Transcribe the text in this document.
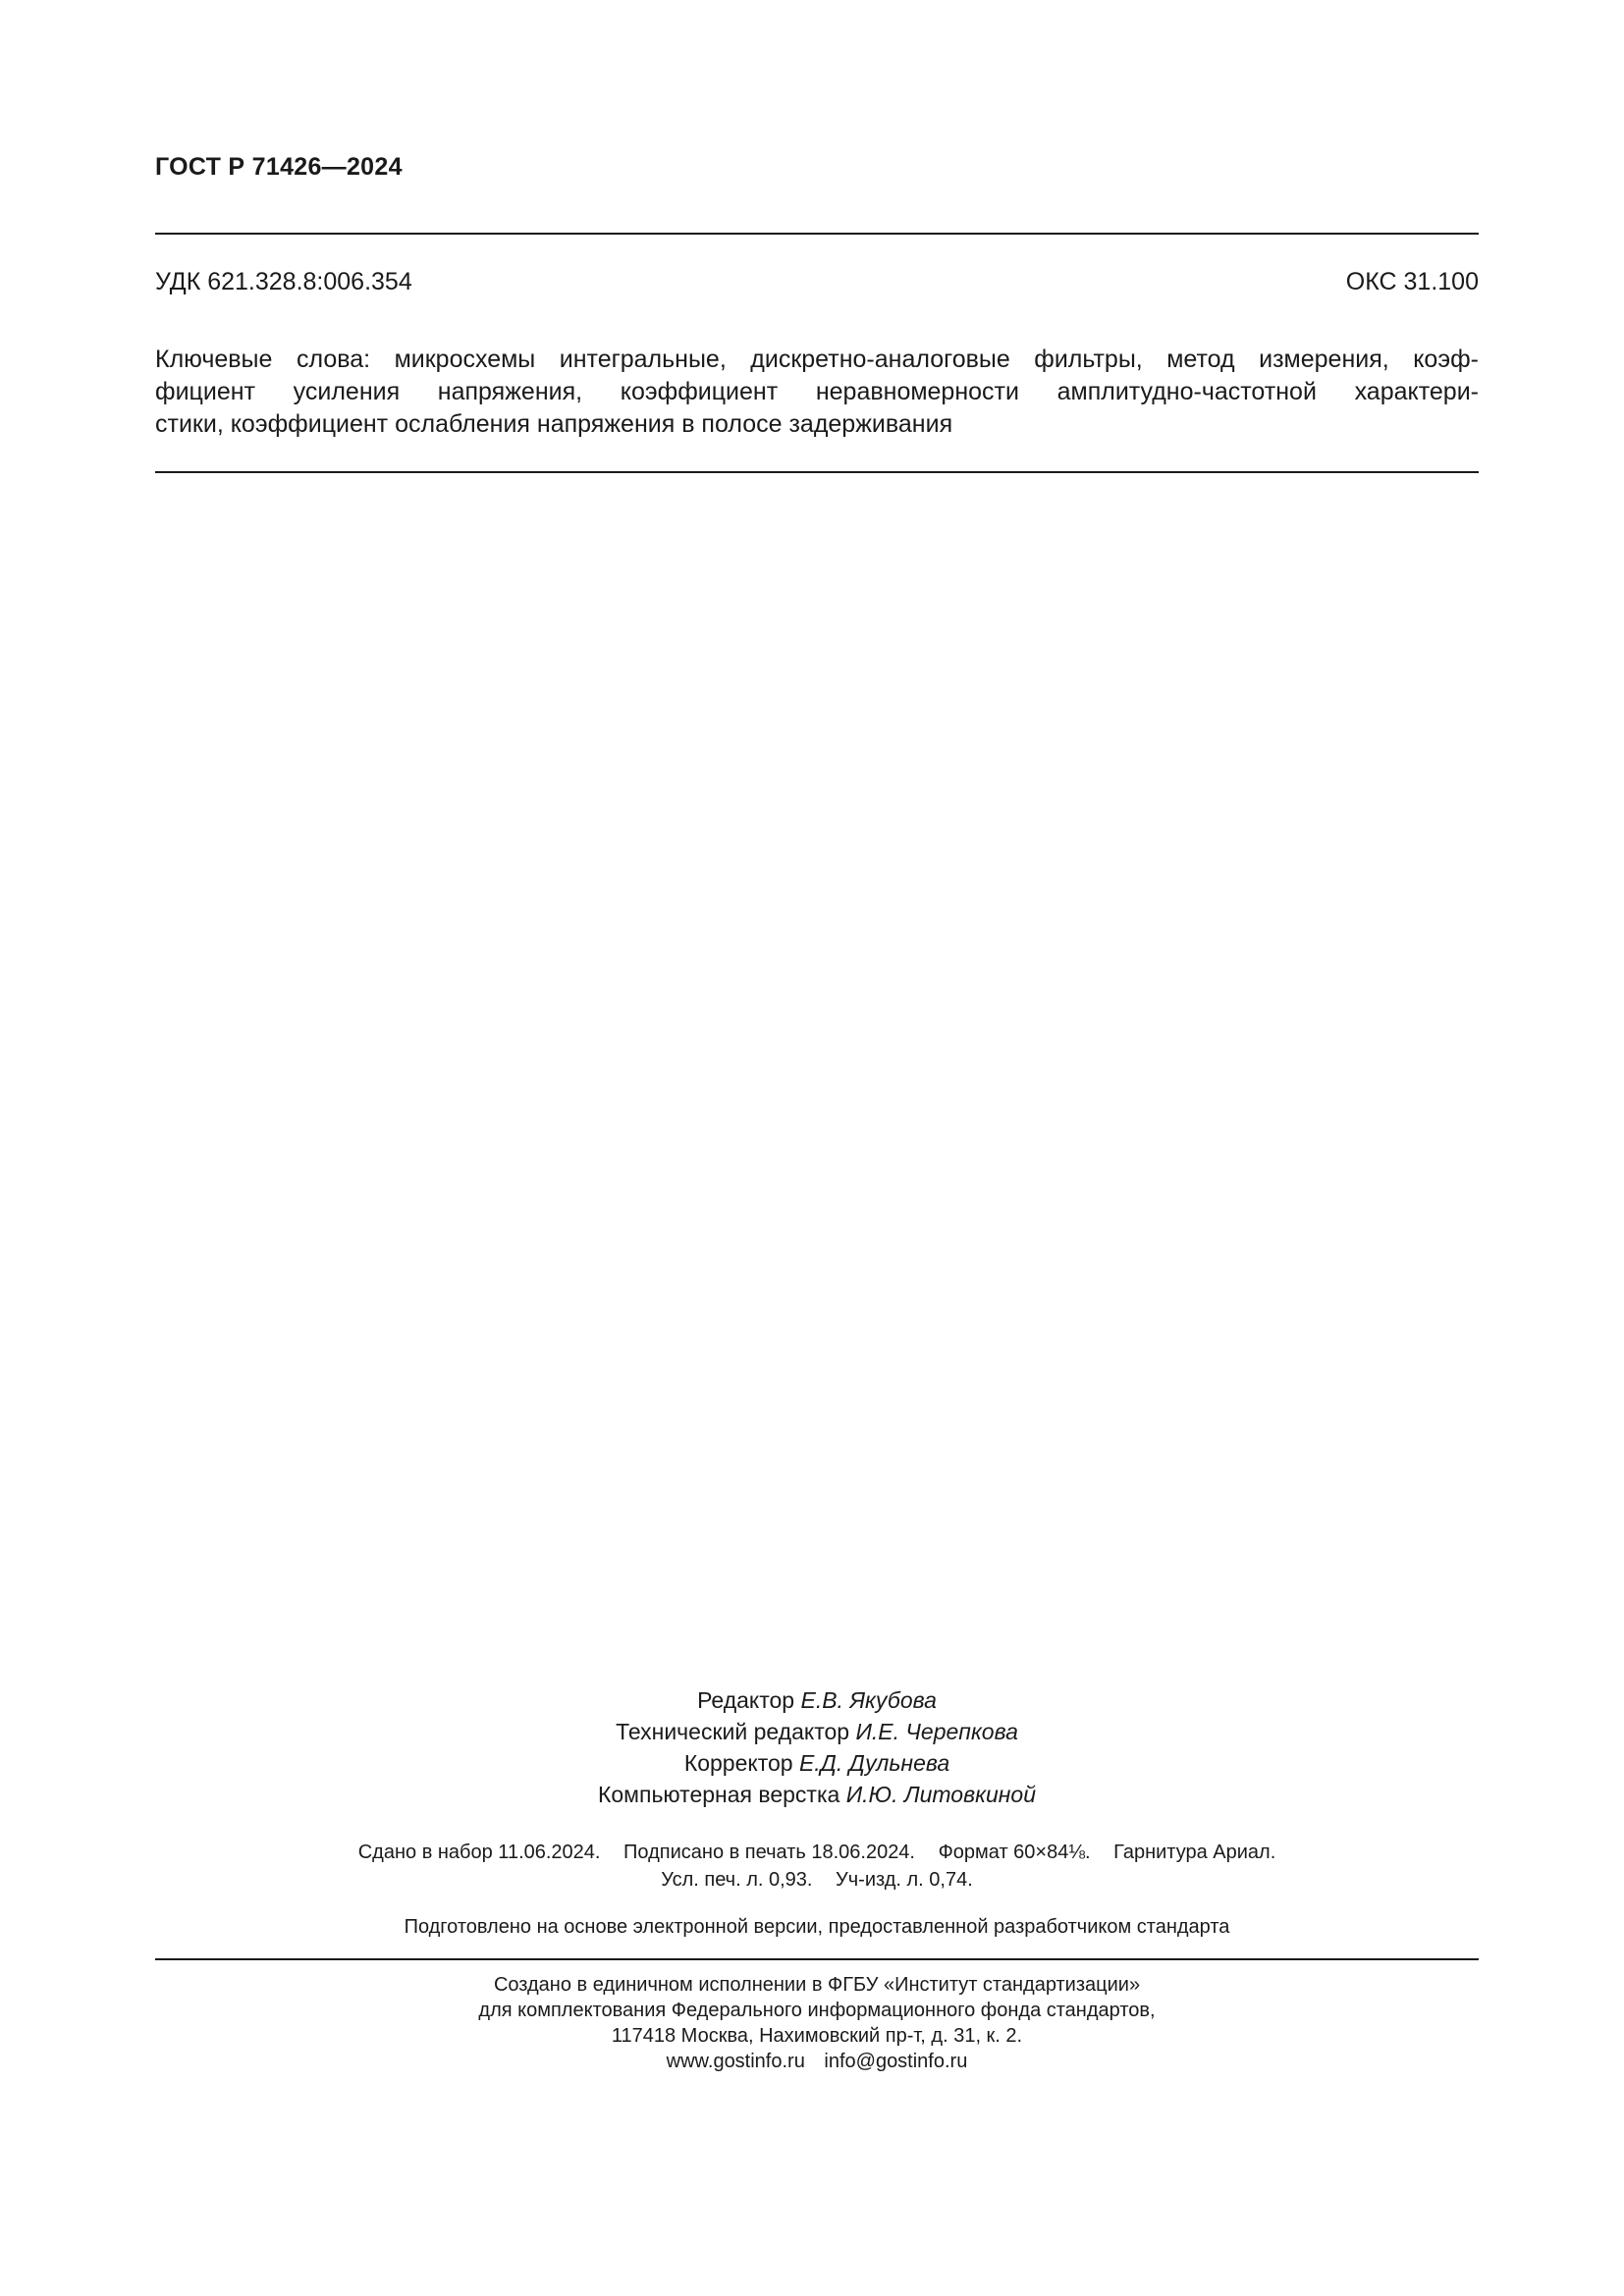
ГОСТ Р 71426—2024
УДК 621.328.8:006.354	ОКС 31.100
Ключевые слова: микросхемы интегральные, дискретно-аналоговые фильтры, метод измерения, коэф-
фициент усиления напряжения, коэффициент неравномерности амплитудно-частотной характери-
стики, коэффициент ослабления напряжения в полосе задерживания
Редактор Е.В. Якубова
Технический редактор И.Е. Черепкова
Корректор Е.Д. Дульнева
Компьютерная верстка И.Ю. Литовкиной
Сдано в набор 11.06.2024. Подписано в печать 18.06.2024. Формат 60×84⅛. Гарнитура Ариал.
Усл. печ. л. 0,93. Уч-изд. л. 0,74.
Подготовлено на основе электронной версии, предоставленной разработчиком стандарта
Создано в единичном исполнении в ФГБУ «Институт стандартизации»
для комплектования Федерального информационного фонда стандартов,
117418 Москва, Нахимовский пр-т, д. 31, к. 2.
www.gostinfo.ru info@gostinfo.ru
